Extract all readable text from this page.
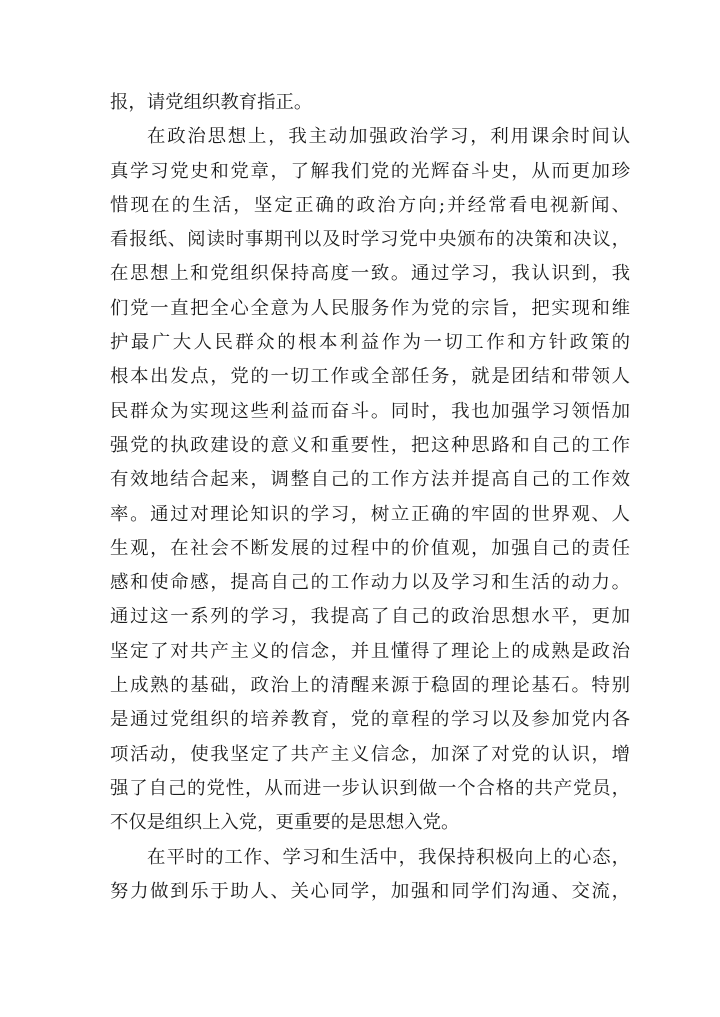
报，请党组织教育指正。
在政治思想上，我主动加强政治学习，利用课余时间认
真学习党史和党章，了解我们党的光辉奋斗史，从而更加珍
惜现在的生活，坚定正确的政治方向;并经常看电视新闻、
看报纸、阅读时事期刊以及时学习党中央颁布的决策和决议，
在思想上和党组织保持高度一致。通过学习，我认识到，我
们党一直把全心全意为人民服务作为党的宗旨，把实现和维
护最广大人民群众的根本利益作为一切工作和方针政策的
根本出发点，党的一切工作或全部任务，就是团结和带领人
民群众为实现这些利益而奋斗。同时，我也加强学习领悟加
强党的执政建设的意义和重要性，把这种思路和自己的工作
有效地结合起来，调整自己的工作方法并提高自己的工作效
率。通过对理论知识的学习，树立正确的牢固的世界观、人
生观，在社会不断发展的过程中的价值观，加强自己的责任
感和使命感，提高自己的工作动力以及学习和生活的动力。
通过这一系列的学习，我提高了自己的政治思想水平，更加
坚定了对共产主义的信念，并且懂得了理论上的成熟是政治
上成熟的基础，政治上的清醒来源于稳固的理论基石。特别
是通过党组织的培养教育，党的章程的学习以及参加党内各
项活动，使我坚定了共产主义信念，加深了对党的认识，增
强了自己的党性，从而进一步认识到做一个合格的共产党员，
不仅是组织上入党，更重要的是思想入党。
在平时的工作、学习和生活中，我保持积极向上的心态，
努力做到乐于助人、关心同学，加强和同学们沟通、交流，
